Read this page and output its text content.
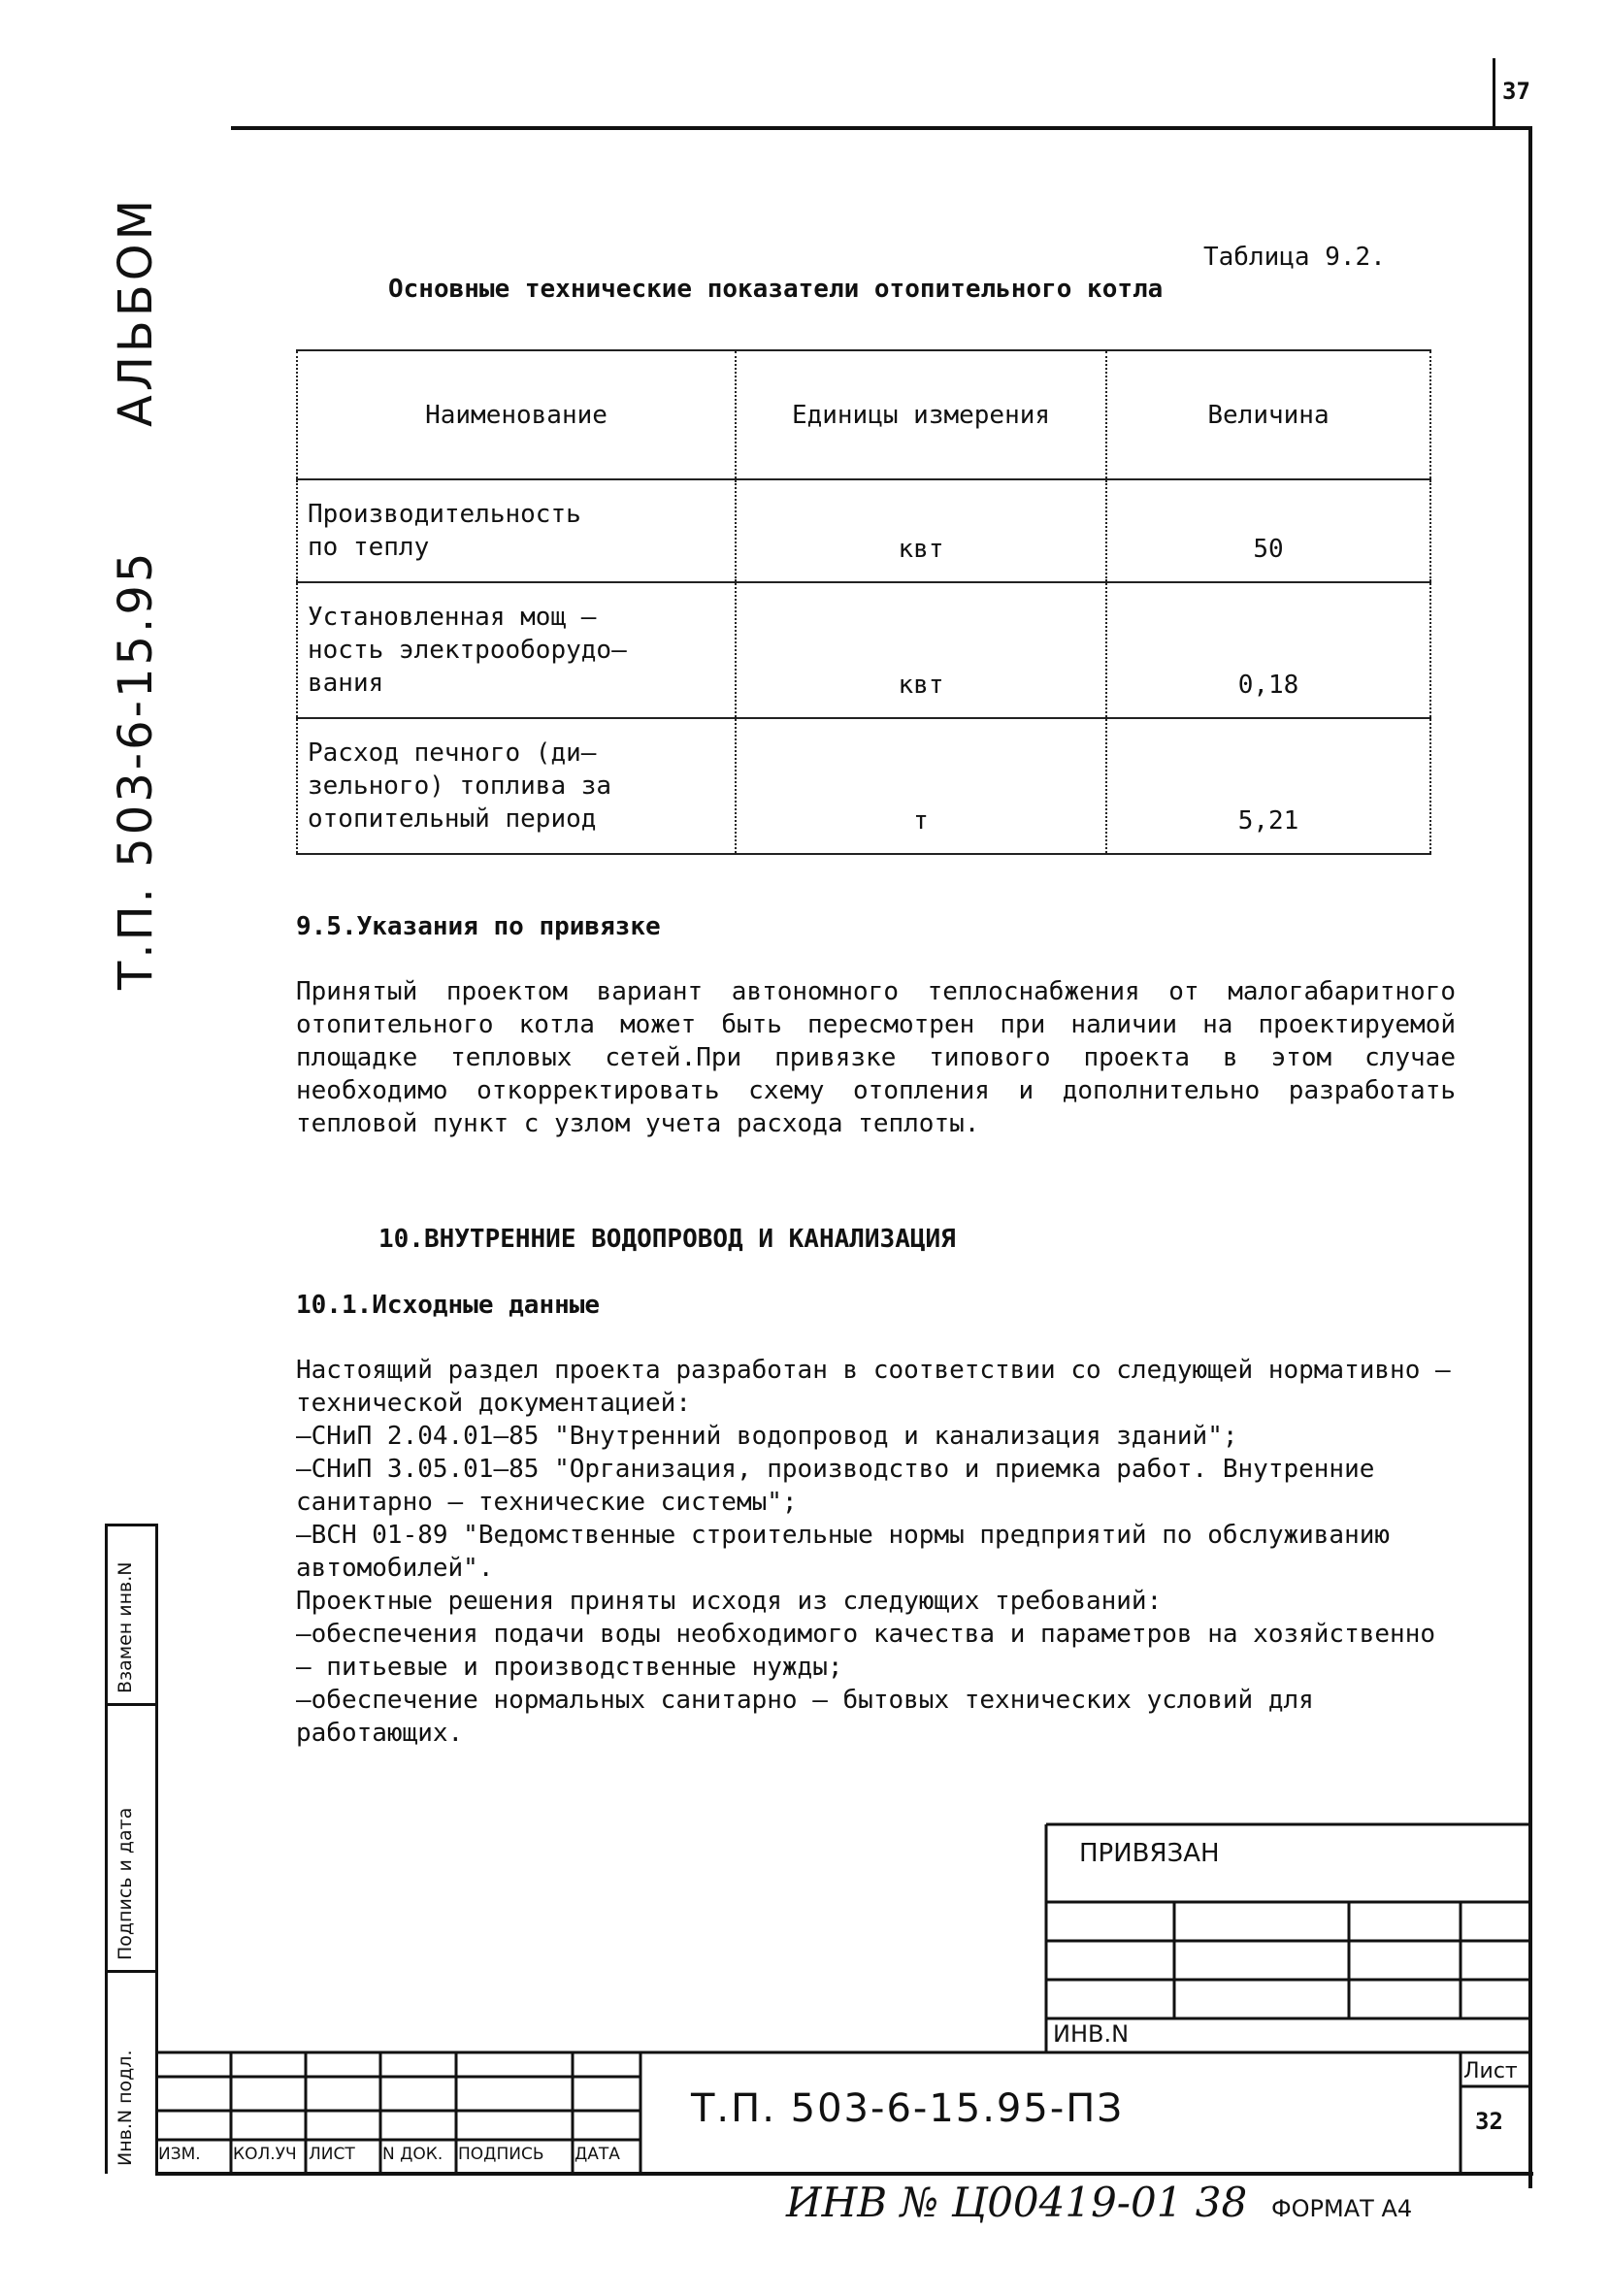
37
АЛЬБОМ
Т.П. 503-6-15.95
Взамен инв.N
Подпись и дата
Инв.N подл.
Таблица 9.2.
Основные технические показатели отопительного котла
Наименование	Единицы измерения	Величина
Производительность
по теплу	квт	50
Установленная мощ –
ность электрооборудо–
вания	квт	0,18
Расход печного (ди–
зельного) топлива за
отопительный период	т	5,21
9.5.Указания по привязке

Принятый проектом вариант автономного теплоснабжения от малогабаритного отопительного котла может быть пересмотрен при наличии на проектируемой площадке тепловых сетей.При привязке типового проекта в этом случае необходимо откорректировать схему отопления и дополнительно разработать тепловой пункт с узлом учета расхода теплоты.

10.ВНУТРЕННИЕ ВОДОПРОВОД И КАНАЛИЗАЦИЯ
10.1.Исходные данные

Настоящий раздел проекта разработан в соответствии со следующей нормативно – технической документацией:

–СНиП 2.04.01–85 "Внутренний водопровод и канализация зданий";

–СНиП 3.05.01–85 "Организация, производство и приемка работ. Внутренние санитарно – технические системы";

–ВСН 01-89 "Ведомственные строительные нормы предприятий по обслуживанию автомобилей".

Проектные решения приняты исходя из следующих требований:

–обеспечения подачи воды необходимого качества и параметров на хозяйственно – питьевые и производственные нужды;

–обеспечение нормальных санитарно – бытовых технических условий для работающих.

ПРИВЯЗАН
ИНВ.N
Лист
32
Т.П. 503-6-15.95-ПЗ
ИЗМ. КОЛ.УЧ ЛИСТ N ДОК. ПОДПИСЬ ДАТА
ИНВ № Ц00419-01 38 ФОРМАТ А4
